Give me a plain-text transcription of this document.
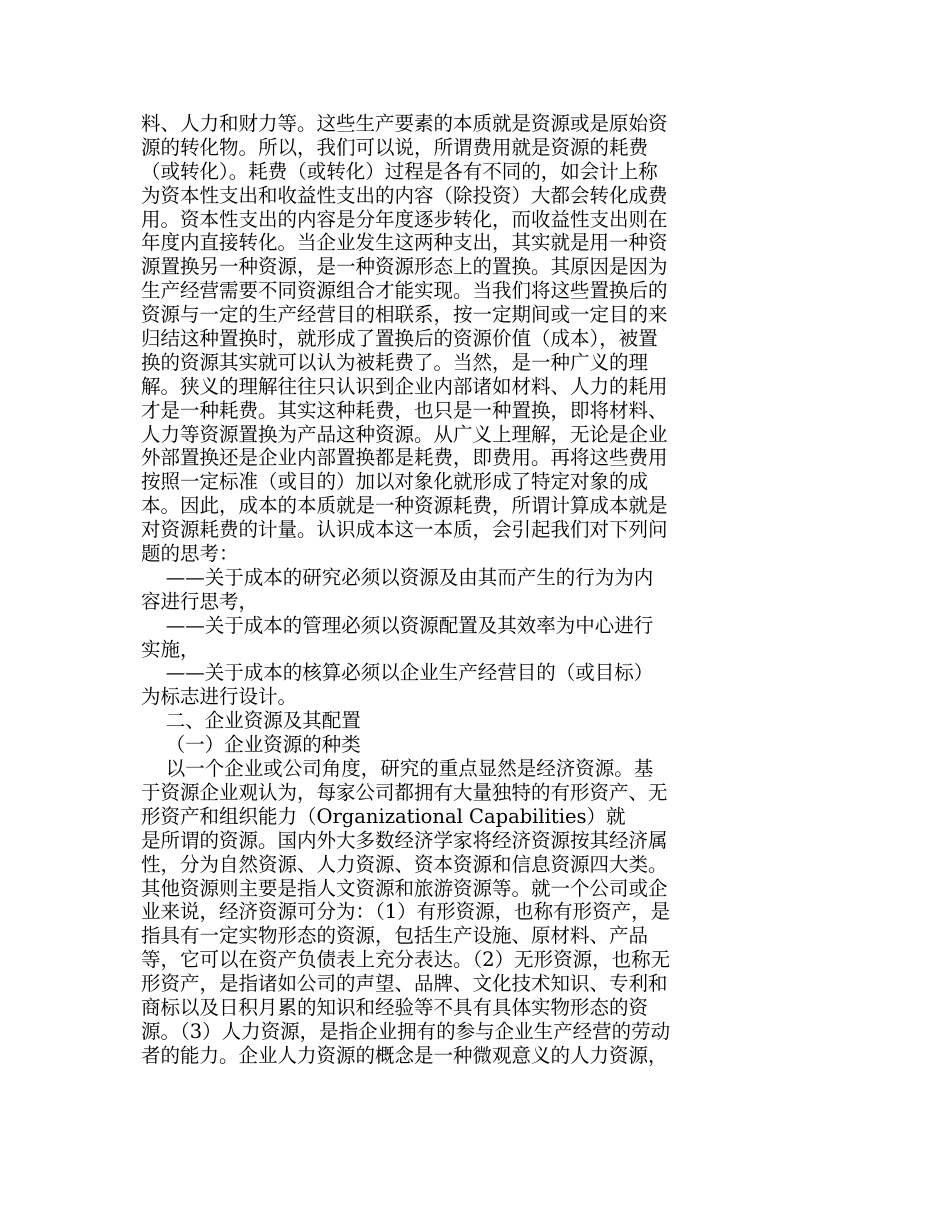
料、人力和财力等。这些生产要素的本质就是资源或是原始资
源的转化物。所以，我们可以说，所谓费用就是资源的耗费
（或转化）。耗费（或转化）过程是各有不同的，如会计上称
为资本性支出和收益性支出的内容（除投资）大都会转化成费
用。资本性支出的内容是分年度逐步转化，而收益性支出则在
年度内直接转化。当企业发生这两种支出，其实就是用一种资
源置换另一种资源，是一种资源形态上的置换。其原因是因为
生产经营需要不同资源组合才能实现。当我们将这些置换后的
资源与一定的生产经营目的相联系，按一定期间或一定目的来
归结这种置换时，就形成了置换后的资源价值（成本），被置
换的资源其实就可以认为被耗费了。当然，是一种广义的理
解。狭义的理解往往只认识到企业内部诸如材料、人力的耗用
才是一种耗费。其实这种耗费，也只是一种置换，即将材料、
人力等资源置换为产品这种资源。从广义上理解，无论是企业
外部置换还是企业内部置换都是耗费，即费用。再将这些费用
按照一定标准（或目的）加以对象化就形成了特定对象的成
本。因此，成本的本质就是一种资源耗费，所谓计算成本就是
对资源耗费的计量。认识成本这一本质，会引起我们对下列问
题的思考：
——关于成本的研究必须以资源及由其而产生的行为为内
容进行思考，
——关于成本的管理必须以资源配置及其效率为中心进行
实施，
——关于成本的核算必须以企业生产经营目的（或目标）
为标志进行设计。
二、企业资源及其配置
（一）企业资源的种类
以一个企业或公司角度，研究的重点显然是经济资源。基
于资源企业观认为，每家公司都拥有大量独特的有形资产、无
形资产和组织能力（Organizational Capabilities）就
是所谓的资源。国内外大多数经济学家将经济资源按其经济属
性，分为自然资源、人力资源、资本资源和信息资源四大类。
其他资源则主要是指人文资源和旅游资源等。就一个公司或企
业来说，经济资源可分为：（1）有形资源，也称有形资产，是
指具有一定实物形态的资源，包括生产设施、原材料、产品
等，它可以在资产负债表上充分表达。（2）无形资源，也称无
形资产，是指诸如公司的声望、品牌、文化技术知识、专利和
商标以及日积月累的知识和经验等不具有具体实物形态的资
源。（3）人力资源，是指企业拥有的参与企业生产经营的劳动
者的能力。企业人力资源的概念是一种微观意义的人力资源，
